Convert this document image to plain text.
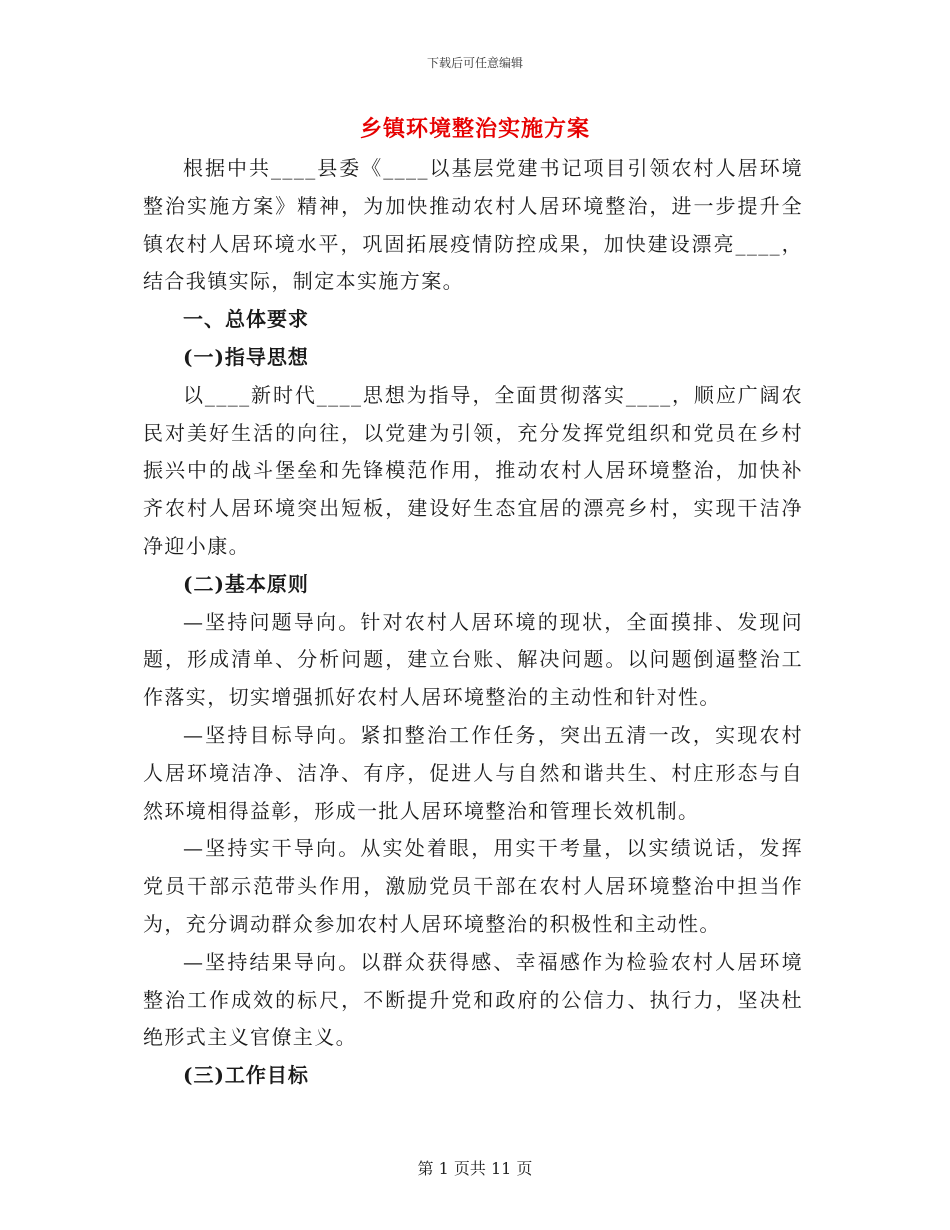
下载后可任意编辑
乡镇环境整治实施方案

根据中共____县委《____以基层党建书记项目引领农村人居环境整治实施方案》精神，为加快推动农村人居环境整治，进一步提升全镇农村人居环境水平，巩固拓展疫情防控成果，加快建设漂亮____，结合我镇实际，制定本实施方案。

一、总体要求

(一)指导思想

以____新时代____思想为指导，全面贯彻落实____，顺应广阔农民对美好生活的向往，以党建为引领，充分发挥党组织和党员在乡村振兴中的战斗堡垒和先锋模范作用，推动农村人居环境整治，加快补齐农村人居环境突出短板，建设好生态宜居的漂亮乡村，实现干洁净净迎小康。

(二)基本原则

—坚持问题导向。针对农村人居环境的现状，全面摸排、发现问题，形成清单、分析问题，建立台账、解决问题。以问题倒逼整治工作落实，切实增强抓好农村人居环境整治的主动性和针对性。

—坚持目标导向。紧扣整治工作任务，突出五清一改，实现农村人居环境洁净、洁净、有序，促进人与自然和谐共生、村庄形态与自然环境相得益彰，形成一批人居环境整治和管理长效机制。

—坚持实干导向。从实处着眼，用实干考量，以实绩说话，发挥党员干部示范带头作用，激励党员干部在农村人居环境整治中担当作为，充分调动群众参加农村人居环境整治的积极性和主动性。

—坚持结果导向。以群众获得感、幸福感作为检验农村人居环境整治工作成效的标尺，不断提升党和政府的公信力、执行力，坚决杜绝形式主义官僚主义。

(三)工作目标

第 1 页共 11 页
